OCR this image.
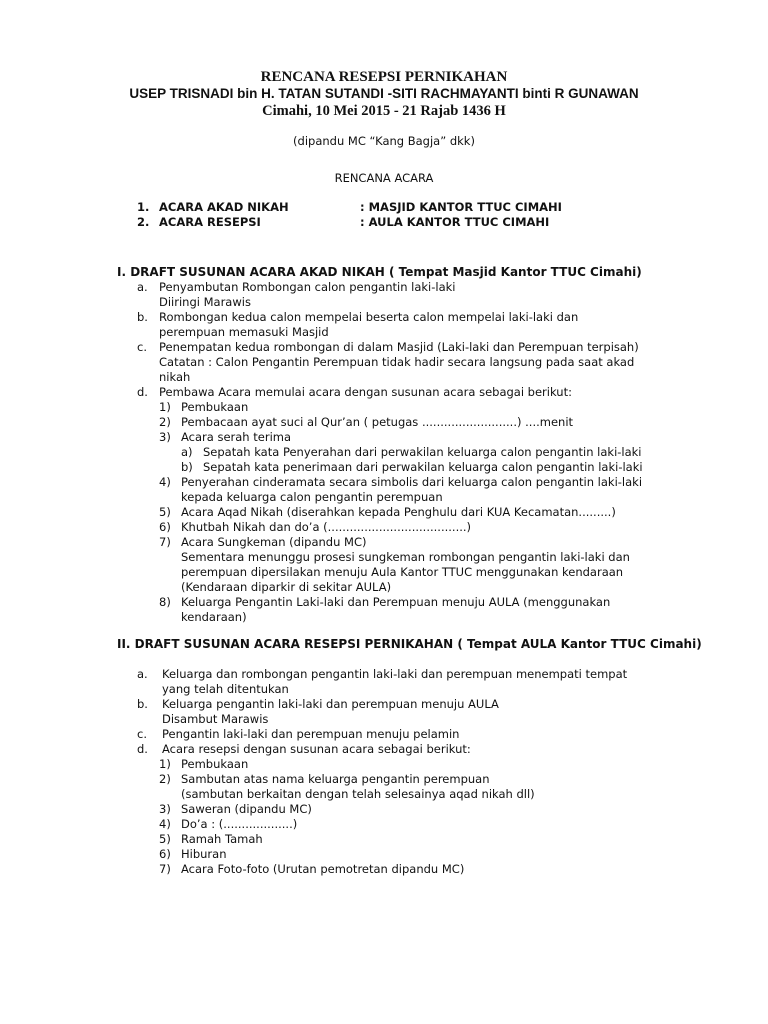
RENCANA RESEPSI PERNIKAHAN
USEP TRISNADI bin H. TATAN SUTANDI -SITI RACHMAYANTI binti R GUNAWAN
Cimahi, 10 Mei 2015 - 21 Rajab 1436 H
(dipandu MC “Kang Bagja” dkk)
RENCANA ACARA
1. ACARA AKAD NIKAH	: MASJID KANTOR TTUC CIMAHI
2. ACARA RESEPSI	: AULA KANTOR TTUC CIMAHI
I. DRAFT SUSUNAN ACARA AKAD NIKAH ( Tempat Masjid Kantor TTUC Cimahi)
a. Penyambutan Rombongan calon pengantin laki-laki
Diiringi Marawis
b. Rombongan kedua calon mempelai beserta calon mempelai laki-laki dan
perempuan memasuki Masjid
c. Penempatan kedua rombongan di dalam Masjid (Laki-laki dan Perempuan terpisah)
Catatan : Calon Pengantin Perempuan tidak hadir secara langsung pada saat akad
nikah
d. Pembawa Acara memulai acara dengan susunan acara sebagai berikut:
1) Pembukaan
2) Pembacaan ayat suci al Qur’an ( petugas ..........................) ....menit
3) Acara serah terima
a) Sepatah kata Penyerahan dari perwakilan keluarga calon pengantin laki-laki
b) Sepatah kata penerimaan dari perwakilan keluarga calon pengantin laki-laki
4) Penyerahan cinderamata secara simbolis dari keluarga calon pengantin laki-laki
kepada keluarga calon pengantin perempuan
5) Acara Aqad Nikah (diserahkan kepada Penghulu dari KUA Kecamatan.........)
6) Khutbah Nikah dan do’a (......................................)
7) Acara Sungkeman (dipandu MC)
Sementara menunggu prosesi sungkeman rombongan pengantin laki-laki dan
perempuan dipersilakan menuju Aula Kantor TTUC menggunakan kendaraan
(Kendaraan diparkir di sekitar AULA)
8) Keluarga Pengantin Laki-laki dan Perempuan menuju AULA (menggunakan
kendaraan)
II. DRAFT SUSUNAN ACARA RESEPSI PERNIKAHAN ( Tempat AULA Kantor TTUC Cimahi)
a. Keluarga dan rombongan pengantin laki-laki dan perempuan menempati tempat
yang telah ditentukan
b. Keluarga pengantin laki-laki dan perempuan menuju AULA
Disambut Marawis
c. Pengantin laki-laki dan perempuan menuju pelamin
d. Acara resepsi dengan susunan acara sebagai berikut:
1) Pembukaan
2) Sambutan atas nama keluarga pengantin perempuan
(sambutan berkaitan dengan telah selesainya aqad nikah dll)
3) Saweran (dipandu MC)
4) Do’a : (...................)
5) Ramah Tamah
6) Hiburan
7) Acara Foto-foto (Urutan pemotretan dipandu MC)
